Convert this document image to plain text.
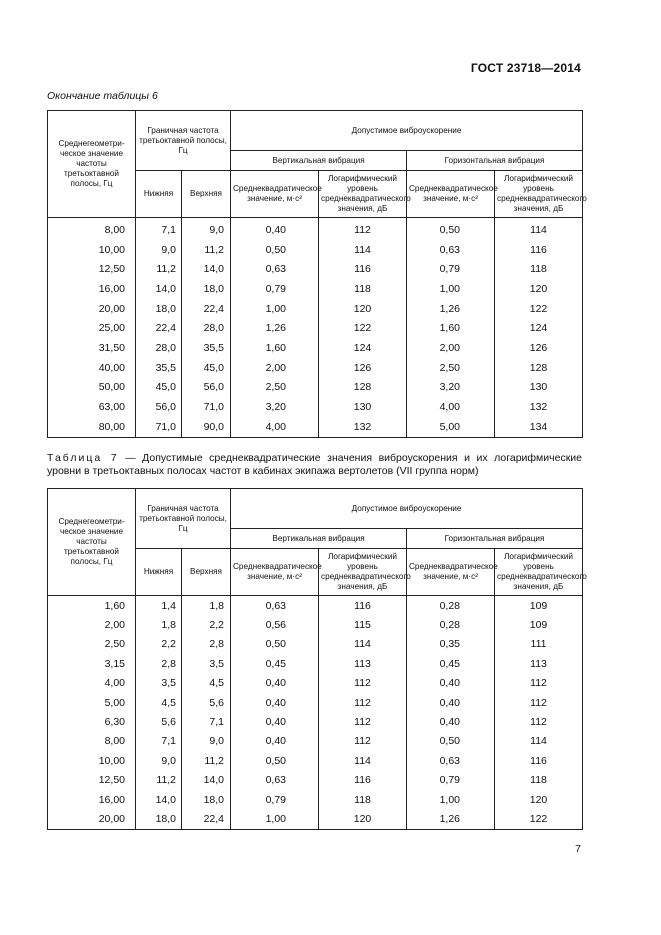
ГОСТ 23718—2014
Окончание таблицы 6
Среднегеометри-ческое значение частоты третьоктавной полосы, Гц	Граничная частота третьоктавной полосы, Гц		Допустимое виброускорение			
			Вертикальная вибрация		Горизонтальная вибрация	
	Нижняя	Верхняя	Среднеквадратическое значение, м·с²	Логарифмический уровень среднеквадратического значения, дБ	Среднеквадратическое значение, м·с²	Логарифмический уровень среднеквадратического значения, дБ
8,00	7,1	9,0	0,40	112	0,50	114
10,00	9,0	11,2	0,50	114	0,63	116
12,50	11,2	14,0	0,63	116	0,79	118
16,00	14,0	18,0	0,79	118	1,00	120
20,00	18,0	22,4	1,00	120	1,26	122
25,00	22,4	28,0	1,26	122	1,60	124
31,50	28,0	35,5	1,60	124	2,00	126
40,00	35,5	45,0	2,00	126	2,50	128
50,00	45,0	56,0	2,50	128	3,20	130
63,00	56,0	71,0	3,20	130	4,00	132
80,00	71,0	90,0	4,00	132	5,00	134
Таблица 7 — Допустимые среднеквадратические значения виброускорения и их логарифмические уровни в третьоктавных полосах частот в кабинах экипажа вертолетов (VII группа норм)
Среднегеометри-ческое значение частоты третьоктавной полосы, Гц	Граничная частота третьоктавной полосы, Гц		Допустимое виброускорение			
			Вертикальная вибрация		Горизонтальная вибрация	
	Нижняя	Верхняя	Среднеквадратическое значение, м·с²	Логарифмический уровень среднеквадратического значения, дБ	Среднеквадратическое значение, м·с²	Логарифмический уровень среднеквадратического значения, дБ
1,60	1,4	1,8	0,63	116	0,28	109
2,00	1,8	2,2	0,56	115	0,28	109
2,50	2,2	2,8	0,50	114	0,35	111
3,15	2,8	3,5	0,45	113	0,45	113
4,00	3,5	4,5	0,40	112	0,40	112
5,00	4,5	5,6	0,40	112	0,40	112
6,30	5,6	7,1	0,40	112	0,40	112
8,00	7,1	9,0	0,40	112	0,50	114
10,00	9,0	11,2	0,50	114	0,63	116
12,50	11,2	14,0	0,63	116	0,79	118
16,00	14,0	18,0	0,79	118	1,00	120
20,00	18,0	22,4	1,00	120	1,26	122
7
